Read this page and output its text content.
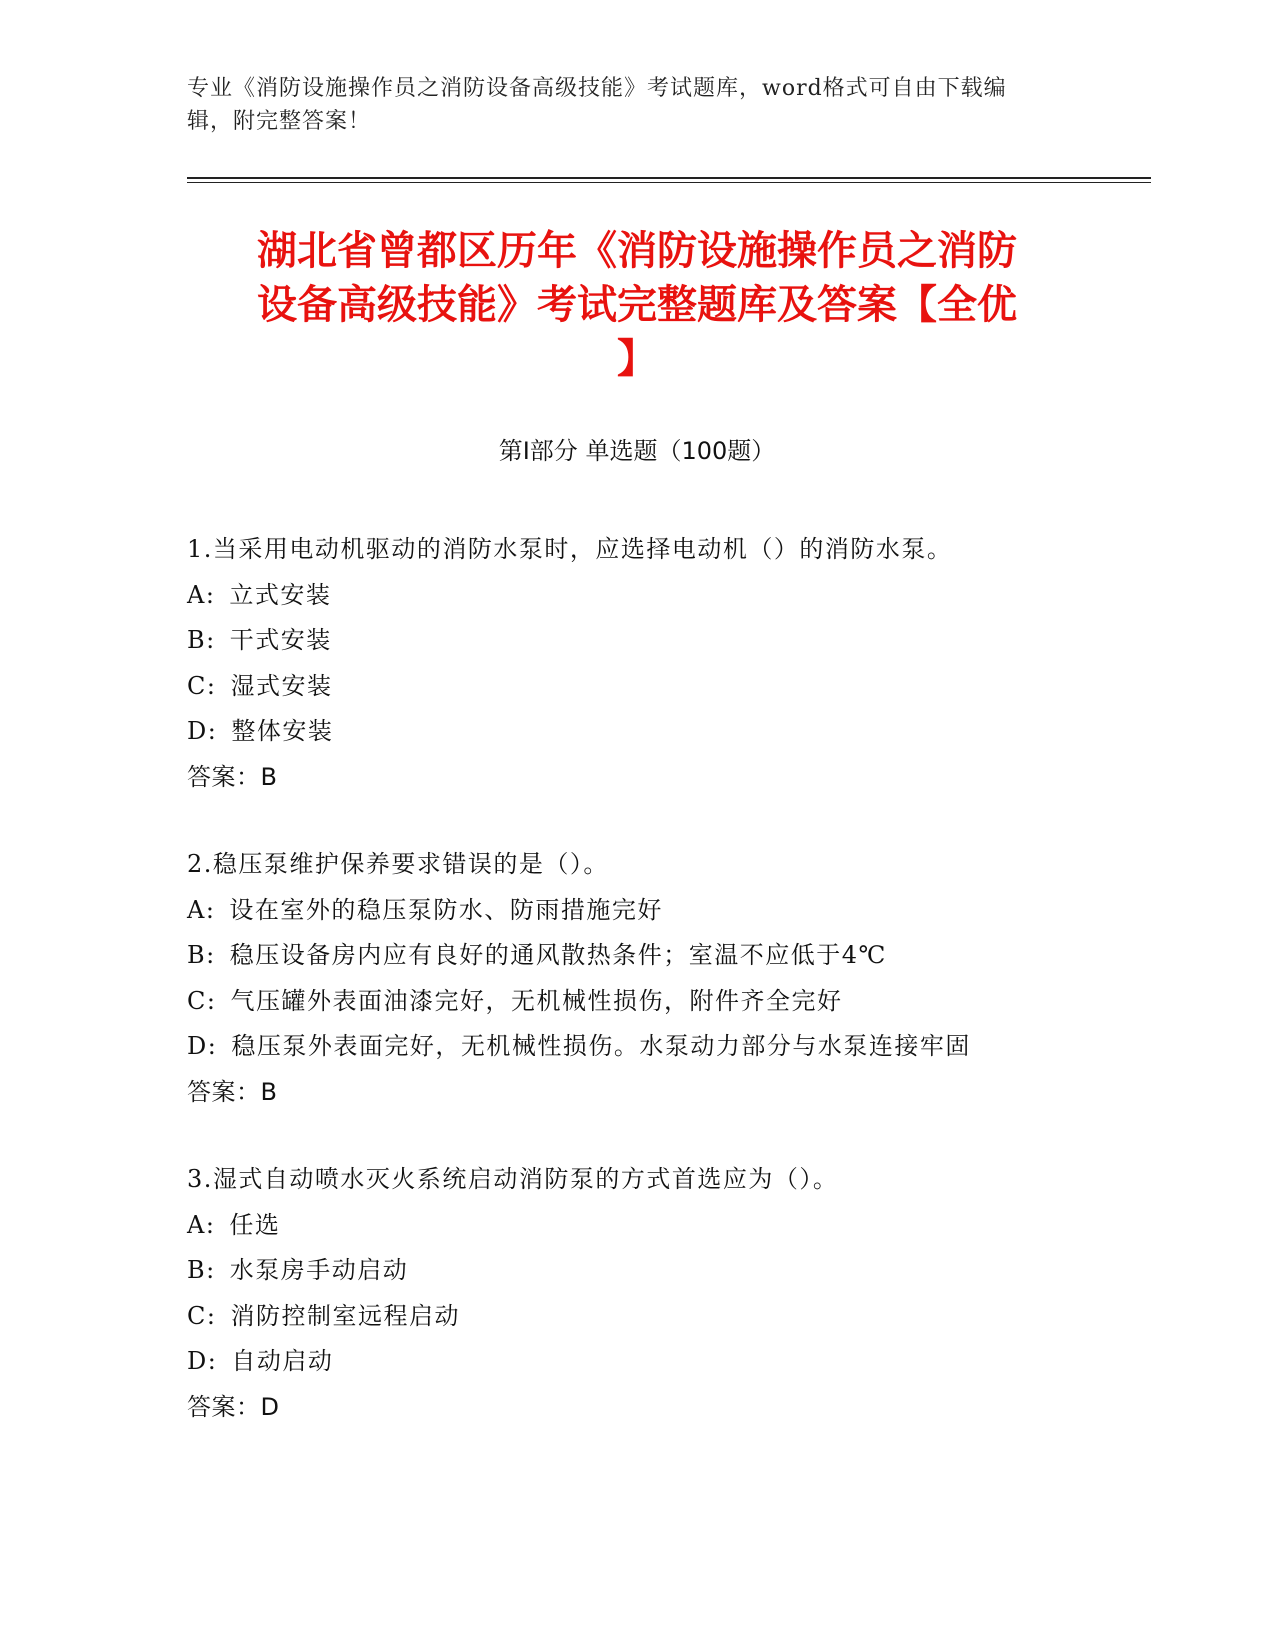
专业《消防设施操作员之消防设备高级技能》考试题库，word格式可自由下载编
辑，附完整答案！
湖北省曾都区历年《消防设施操作员之消防
设备高级技能》考试完整题库及答案【全优
】
第Ⅰ部分 单选题（100题）
1.当采用电动机驱动的消防水泵时，应选择电动机（）的消防水泵。
A: 立式安装
B: 干式安装
C: 湿式安装
D: 整体安装
答案：B
2.稳压泵维护保养要求错误的是（）。
A: 设在室外的稳压泵防水、防雨措施完好
B: 稳压设备房内应有良好的通风散热条件；室温不应低于4℃
C: 气压罐外表面油漆完好，无机械性损伤，附件齐全完好
D: 稳压泵外表面完好，无机械性损伤。水泵动力部分与水泵连接牢固
答案：B
3.湿式自动喷水灭火系统启动消防泵的方式首选应为（）。
A: 任选
B: 水泵房手动启动
C: 消防控制室远程启动
D: 自动启动
答案：D
